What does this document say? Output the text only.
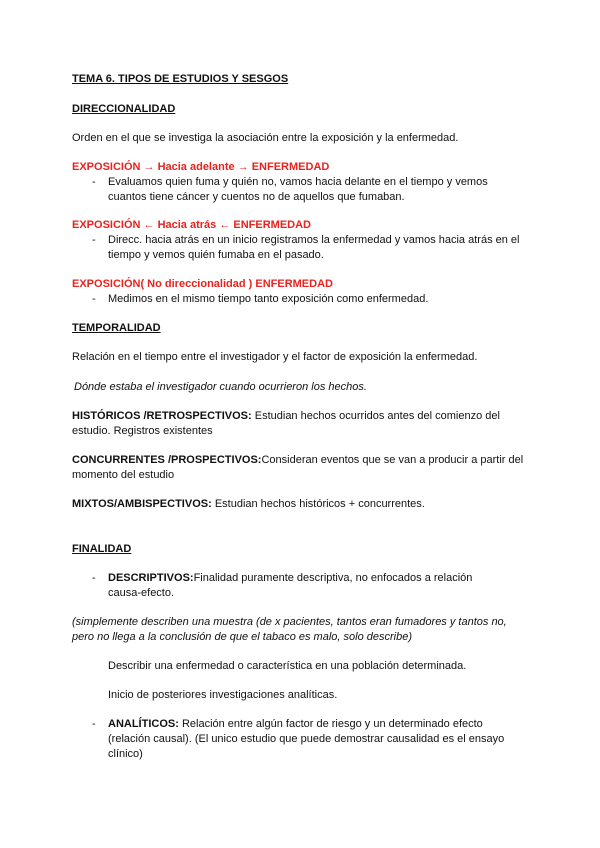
TEMA 6. TIPOS DE ESTUDIOS Y SESGOS

DIRECCIONALIDAD

Orden en el que se investiga la asociación entre la exposición y la enfermedad.

EXPOSICIÓN → Hacia adelante → ENFERMEDAD

- Evaluamos quien fuma y quién no, vamos hacia delante en el tiempo y vemos

cuantos tiene cáncer y cuentos no de aquellos que fumaban.

EXPOSICIÓN ← Hacia atrás ← ENFERMEDAD

- Direcc. hacia atrás en un inicio registramos la enfermedad y vamos hacia atrás en el

tiempo y vemos quién fumaba en el pasado.

EXPOSICIÓN( No direccionalidad ) ENFERMEDAD

- Medimos en el mismo tiempo tanto exposición como enfermedad.

TEMPORALIDAD

Relación en el tiempo entre el investigador y el factor de exposición la enfermedad.

Dónde estaba el investigador cuando ocurrieron los hechos.

HISTÓRICOS /RETROSPECTIVOS: Estudian hechos ocurridos antes del comienzo del

estudio. Registros existentes

CONCURRENTES /PROSPECTIVOS:Consideran eventos que se van a producir a partir del

momento del estudio

MIXTOS/AMBISPECTIVOS: Estudian hechos históricos + concurrentes.

FINALIDAD

- DESCRIPTIVOS:Finalidad puramente descriptiva, no enfocados a relación

causa-efecto.

(simplemente describen una muestra (de x pacientes, tantos eran fumadores y tantos no,

pero no llega a la conclusión de que el tabaco es malo, solo describe)

Describir una enfermedad o característica en una población determinada.

Inicio de posteriores investigaciones analíticas.

- ANALÍTICOS: Relación entre algún factor de riesgo y un determinado efecto

(relación causal). (El unico estudio que puede demostrar causalidad es el ensayo

clínico)
